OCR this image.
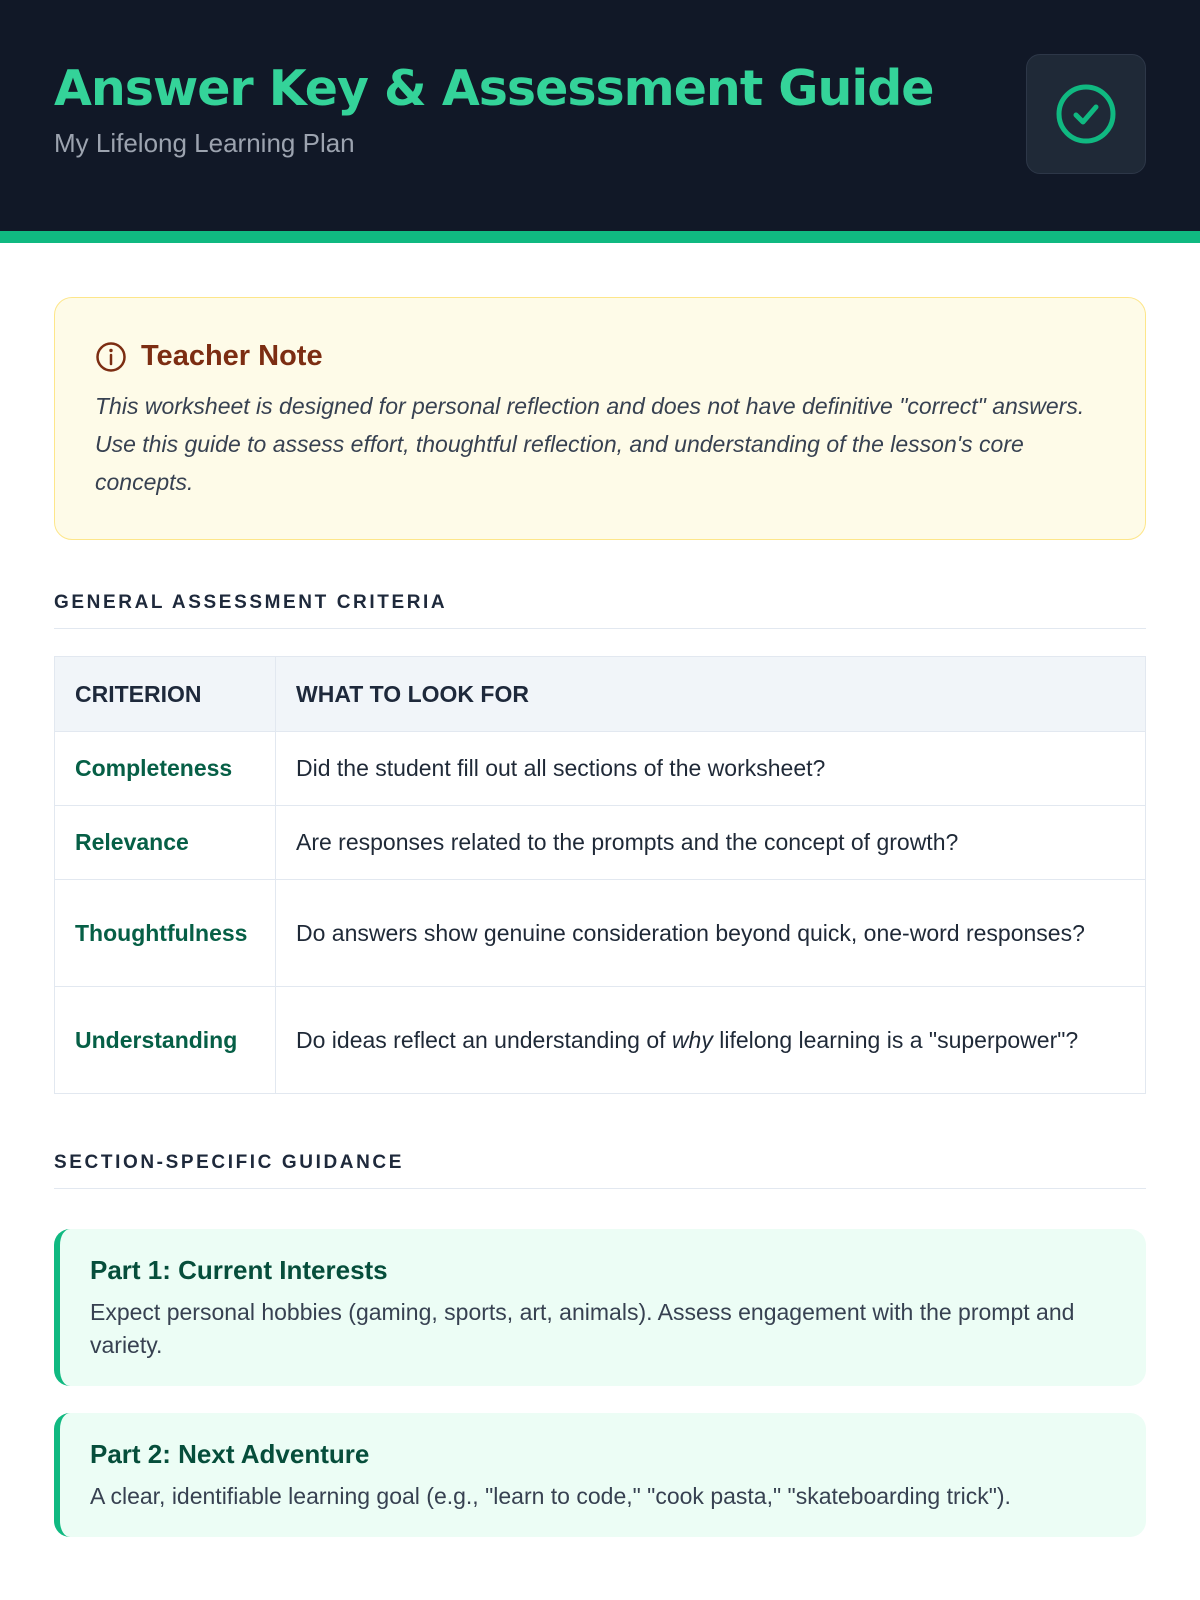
Answer Key & Assessment Guide
My Lifelong Learning Plan
Teacher Note

This worksheet is designed for personal reflection and does not have definitive "correct" answers. Use this guide to assess effort, thoughtful reflection, and understanding of the lesson's core concepts.

GENERAL ASSESSMENT CRITERIA
CRITERION	WHAT TO LOOK FOR
Completeness	Did the student fill out all sections of the worksheet?
Relevance	Are responses related to the prompts and the concept of growth?
Thoughtfulness	Do answers show genuine consideration beyond quick, one-word responses?
Understanding	Do ideas reflect an understanding of why lifelong learning is a "superpower"?
SECTION-SPECIFIC GUIDANCE
Part 1: Current Interests

Expect personal hobbies (gaming, sports, art, animals). Assess engagement with the prompt and variety.

Part 2: Next Adventure

A clear, identifiable learning goal (e.g., "learn to code," "cook pasta," "skateboarding trick").
